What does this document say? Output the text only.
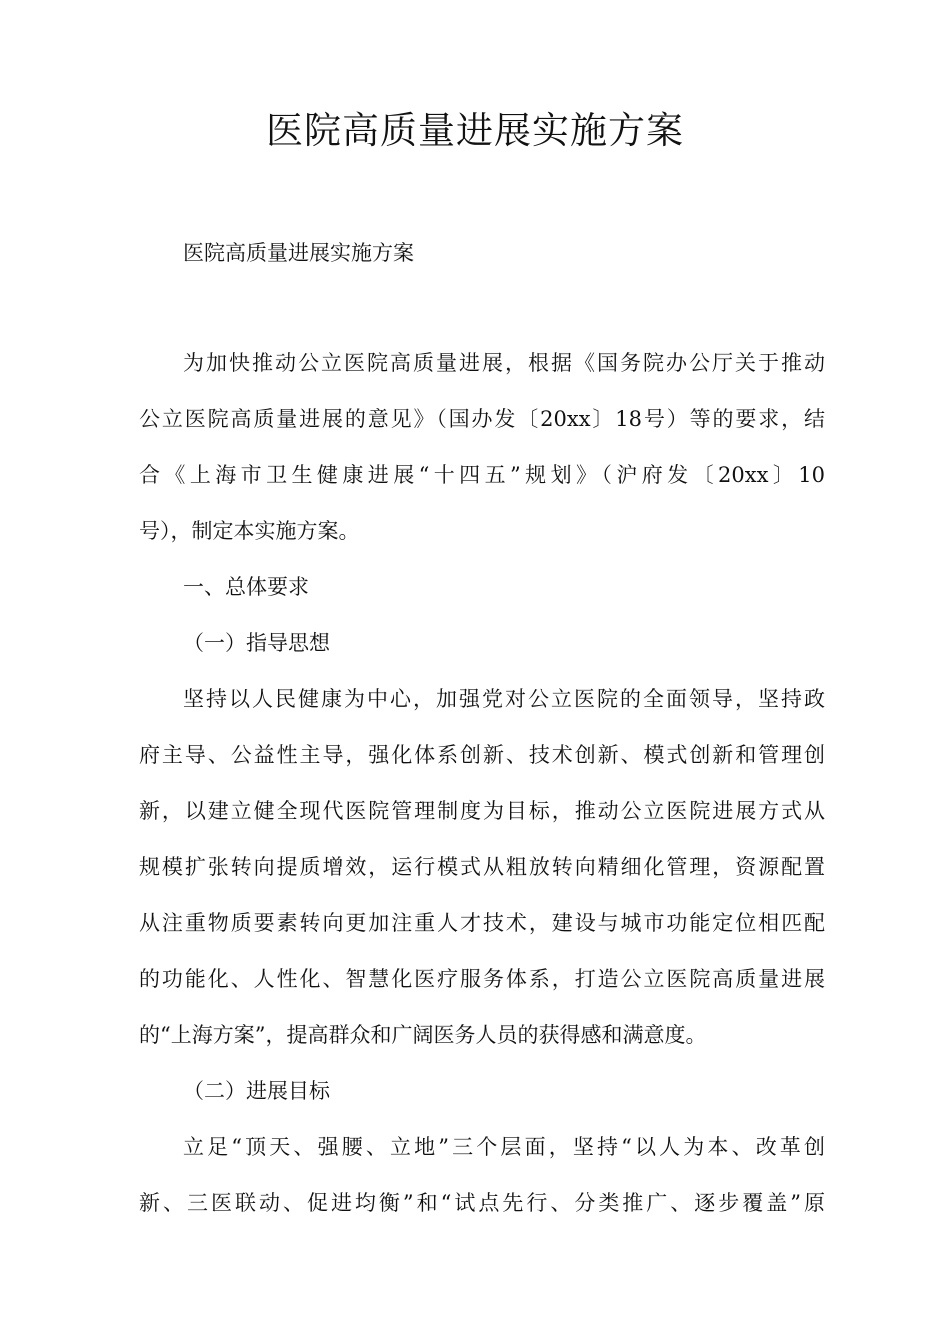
医院高质量进展实施方案

医院高质量进展实施方案

为加快推动公立医院高质量进展，根据《国务院办公厅关于推动

公立医院高质量进展的意见》（国办发〔20xx〕18号）等的要求，结

合《上海市卫生健康进展“十四五”规划》（沪府发〔20xx〕10

号），制定本实施方案。

一、总体要求

（一）指导思想

坚持以人民健康为中心，加强党对公立医院的全面领导，坚持政

府主导、公益性主导，强化体系创新、技术创新、模式创新和管理创

新，以建立健全现代医院管理制度为目标，推动公立医院进展方式从

规模扩张转向提质增效，运行模式从粗放转向精细化管理，资源配置

从注重物质要素转向更加注重人才技术，建设与城市功能定位相匹配

的功能化、人性化、智慧化医疗服务体系，打造公立医院高质量进展

的“上海方案”，提高群众和广阔医务人员的获得感和满意度。

（二）进展目标

立足“顶天、强腰、立地”三个层面，坚持“以人为本、改革创

新、三医联动、促进均衡”和“试点先行、分类推广、逐步覆盖”原
